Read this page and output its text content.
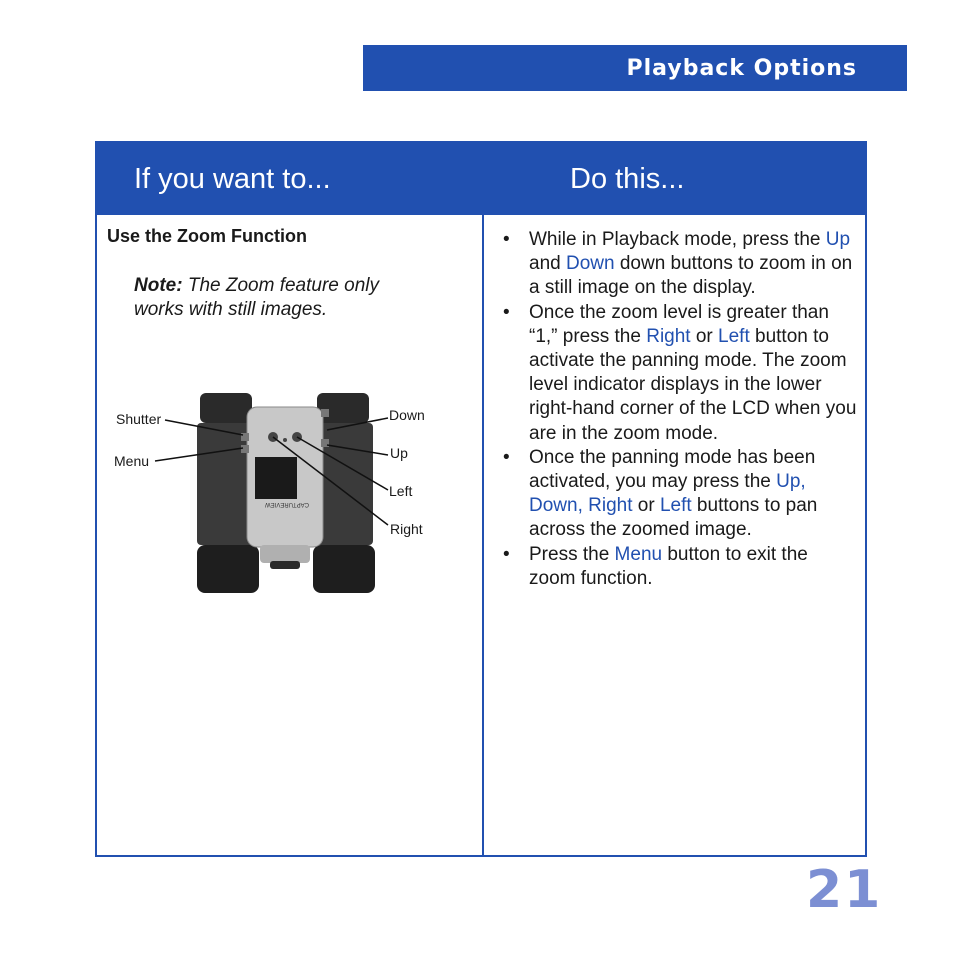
Playback Options
If you want to...	Do this...
Use the Zoom Function
Note: The Zoom feature only works with still images.
• While in Playback mode, press the Up and Down down buttons to zoom in on a still image on the display.
• Once the zoom level is greater than “1,” press the Right or Left button to activate the panning mode. The zoom level indicator displays in the lower right-hand corner of the LCD when you are in the zoom mode.
• Once the panning mode has been activated, you may press the Up, Down, Right or Left buttons to pan across the zoomed image.
• Press the Menu button to exit the zoom function.
CAPTUREVIEW
Shutter
Menu
Down
Up
Left
Right
21
